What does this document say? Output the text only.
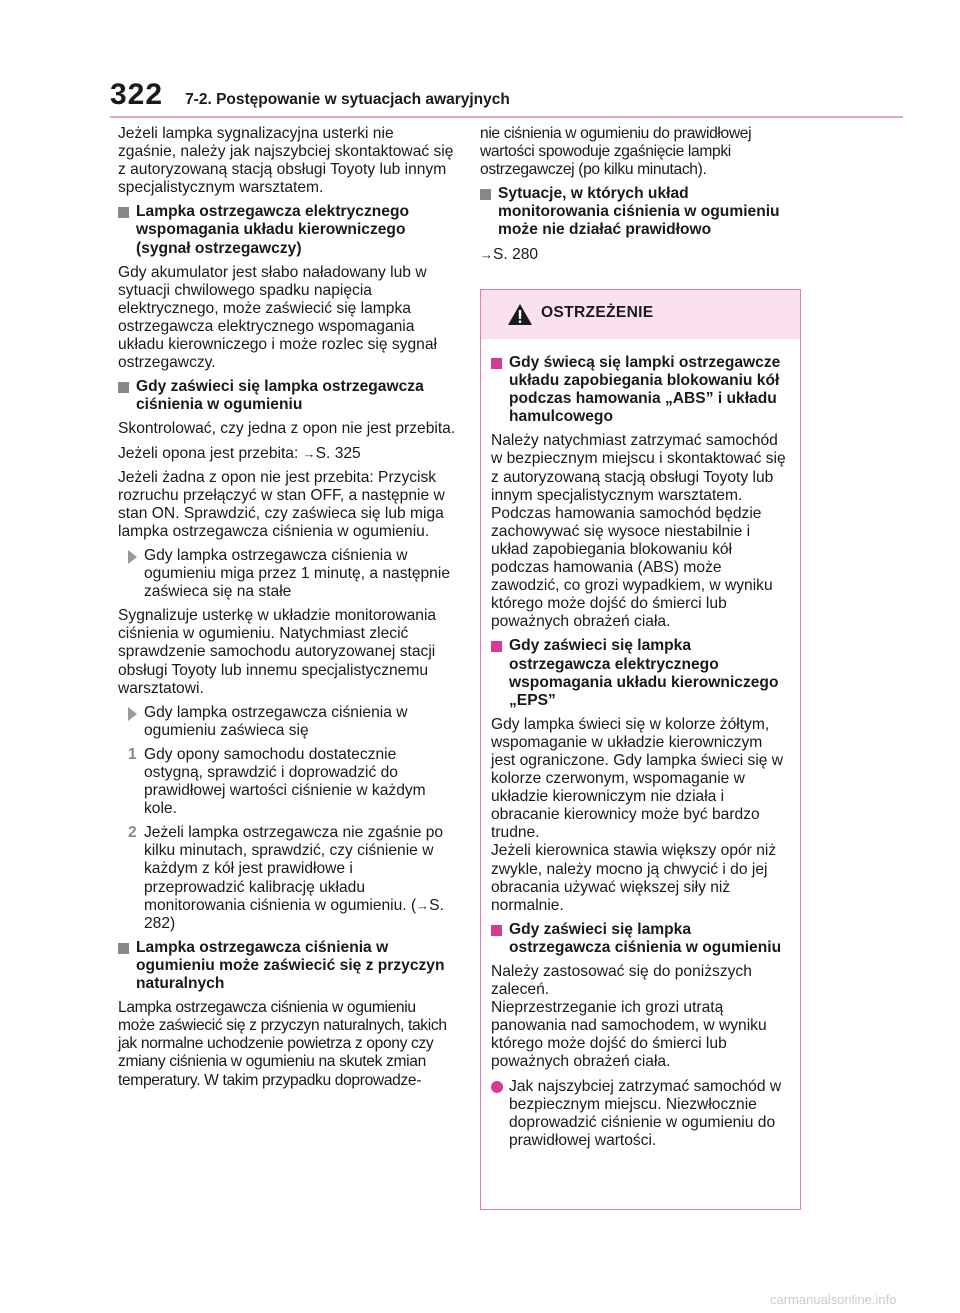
322 7-2. Postępowanie w sytuacjach awaryjnych

Jeżeli lampka sygnalizacyjna usterki nie zgaśnie, należy jak najszybciej skontaktować się z autoryzowaną stacją obsługi Toyoty lub innym specjalistycznym warsztatem.

Lampka ostrzegawcza elektrycznego wspomagania układu kierowniczego (sygnał ostrzegawczy)

Gdy akumulator jest słabo naładowany lub w sytuacji chwilowego spadku napięcia elektrycznego, może zaświecić się lampka ostrzegawcza elektrycznego wspomagania układu kierowniczego i może rozlec się sygnał ostrzegawczy.

Gdy zaświeci się lampka ostrzegawcza ciśnienia w ogumieniu

Skontrolować, czy jedna z opon nie jest przebita.

Jeżeli opona jest przebita: →S. 325

Jeżeli żadna z opon nie jest przebita: Przycisk rozruchu przełączyć w stan OFF, a następnie w stan ON. Sprawdzić, czy zaświeca się lub miga lampka ostrzegawcza ciśnienia w ogumieniu.

Gdy lampka ostrzegawcza ciśnienia w ogumieniu miga przez 1 minutę, a następnie zaświeca się na stałe

Sygnalizuje usterkę w układzie monitorowania ciśnienia w ogumieniu. Natychmiast zlecić sprawdzenie samochodu autoryzowanej stacji obsługi Toyoty lub innemu specjalistycznemu warsztatowi.

Gdy lampka ostrzegawcza ciśnienia w ogumieniu zaświeca się
1 Gdy opony samochodu dostatecznie ostygną, sprawdzić i doprowadzić do prawidłowej wartości ciśnienie w każdym kole.
2 Jeżeli lampka ostrzegawcza nie zgaśnie po kilku minutach, sprawdzić, czy ciśnienie w każdym z kół jest prawidłowe i przeprowadzić kalibrację układu monitorowania ciśnienia w ogumieniu. (→S. 282)
Lampka ostrzegawcza ciśnienia w ogumieniu może zaświecić się z przyczyn naturalnych

Lampka ostrzegawcza ciśnienia w ogumieniu może zaświecić się z przyczyn naturalnych, takich jak normalne uchodzenie powietrza z opony czy zmiany ciśnienia w ogumieniu na skutek zmian temperatury. W takim przypadku doprowadze-

nie ciśnienia w ogumieniu do prawidłowej wartości spowoduje zgaśnięcie lampki ostrzegawczej (po kilku minutach).

Sytuacje, w których układ monitorowania ciśnienia w ogumieniu może nie działać prawidłowo

→S. 280

OSTRZEŻENIE
Gdy świecą się lampki ostrzegawcze układu zapobiegania blokowaniu kół podczas hamowania „ABS” i układu hamulcowego

Należy natychmiast zatrzymać samochód w bezpiecznym miejscu i skontaktować się z autoryzowaną stacją obsługi Toyoty lub innym specjalistycznym warsztatem.

Podczas hamowania samochód będzie zachowywać się wysoce niestabilnie i układ zapobiegania blokowaniu kół podczas hamowania (ABS) może zawodzić, co grozi wypadkiem, w wyniku którego może dojść do śmierci lub poważnych obrażeń ciała.

Gdy zaświeci się lampka ostrzegawcza elektrycznego wspomagania układu kierowniczego „EPS”

Gdy lampka świeci się w kolorze żółtym, wspomaganie w układzie kierowniczym jest ograniczone. Gdy lampka świeci się w kolorze czerwonym, wspomaganie w układzie kierowniczym nie działa i obracanie kierownicy może być bardzo trudne.

Jeżeli kierownica stawia większy opór niż zwykle, należy mocno ją chwycić i do jej obracania używać większej siły niż normalnie.

Gdy zaświeci się lampka ostrzegawcza ciśnienia w ogumieniu

Należy zastosować się do poniższych zaleceń.

Nieprzestrzeganie ich grozi utratą panowania nad samochodem, w wyniku którego może dojść do śmierci lub poważnych obrażeń ciała.

Jak najszybciej zatrzymać samochód w bezpiecznym miejscu. Niezwłocznie doprowadzić ciśnienie w ogumieniu do prawidłowej wartości.
carmanualsonline.info
